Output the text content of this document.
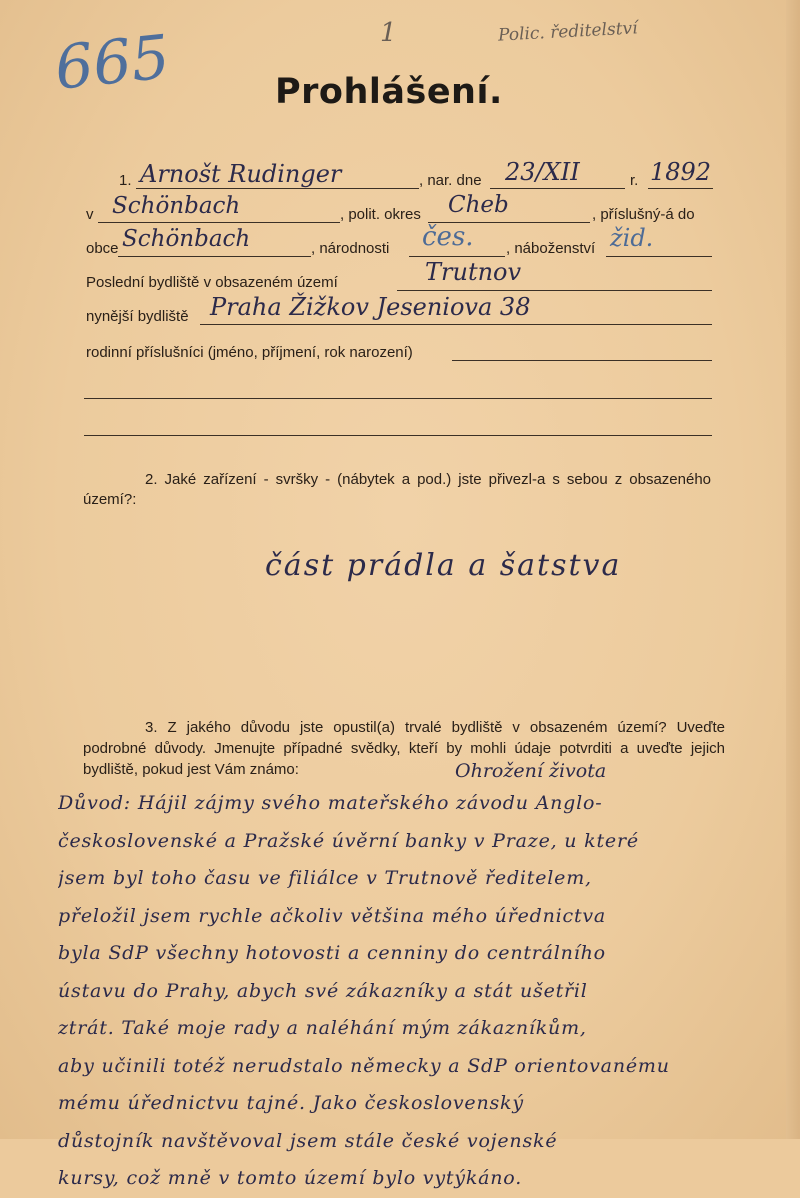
665	1	Polic. ředitelství
Prohlášení.
1. Arnošt Rudinger	, nar. dne 23/XII	r. 1892
v Schönbach	, polit. okres Cheb	, příslušný-á do
obce Schönbach	, národnosti čes. , náboženství žid.
Poslední bydliště v obsazeném území	Trutnov
nynější bydliště Praha Žižkov Jeseniova 38
rodinní příslušníci (jméno, příjmení, rok narození)
2. Jaké zařízení - svršky - (nábytek a pod.) jste přivezl-a s sebou z obsazeného území?:
část prádla a šatstva
3. Z jakého důvodu jste opustil(a) trvalé bydliště v obsazeném území? Uveďte podrobné důvody. Jmenujte případné svědky, kteří by mohli údaje potvrditi a uveďte jejich bydliště, pokud jest Vám známo:	Ohrožení života
Důvod: Hájil zájmy svého mateřského závodu Anglo-
československé a Pražské úvěrní banky v Praze, u které
jsem byl toho času ve filiálce v Trutnově ředitelem,
přeložil jsem rychle ačkoliv většina mého úřednictva
byla SdP všechny hotovosti a cenniny do centrálního
ústavu do Prahy, abych své zákazníky a stát ušetřil
ztrát. Také moje rady a naléhání mým zákazníkům,
aby učinili totéž nerudstalo německy a SdP orientovanému
mému úřednictvu tajné. Jako československý
důstojník navštěvoval jsem stále české vojenské
kursy, což mně v tomto území bylo vytýkáno.
